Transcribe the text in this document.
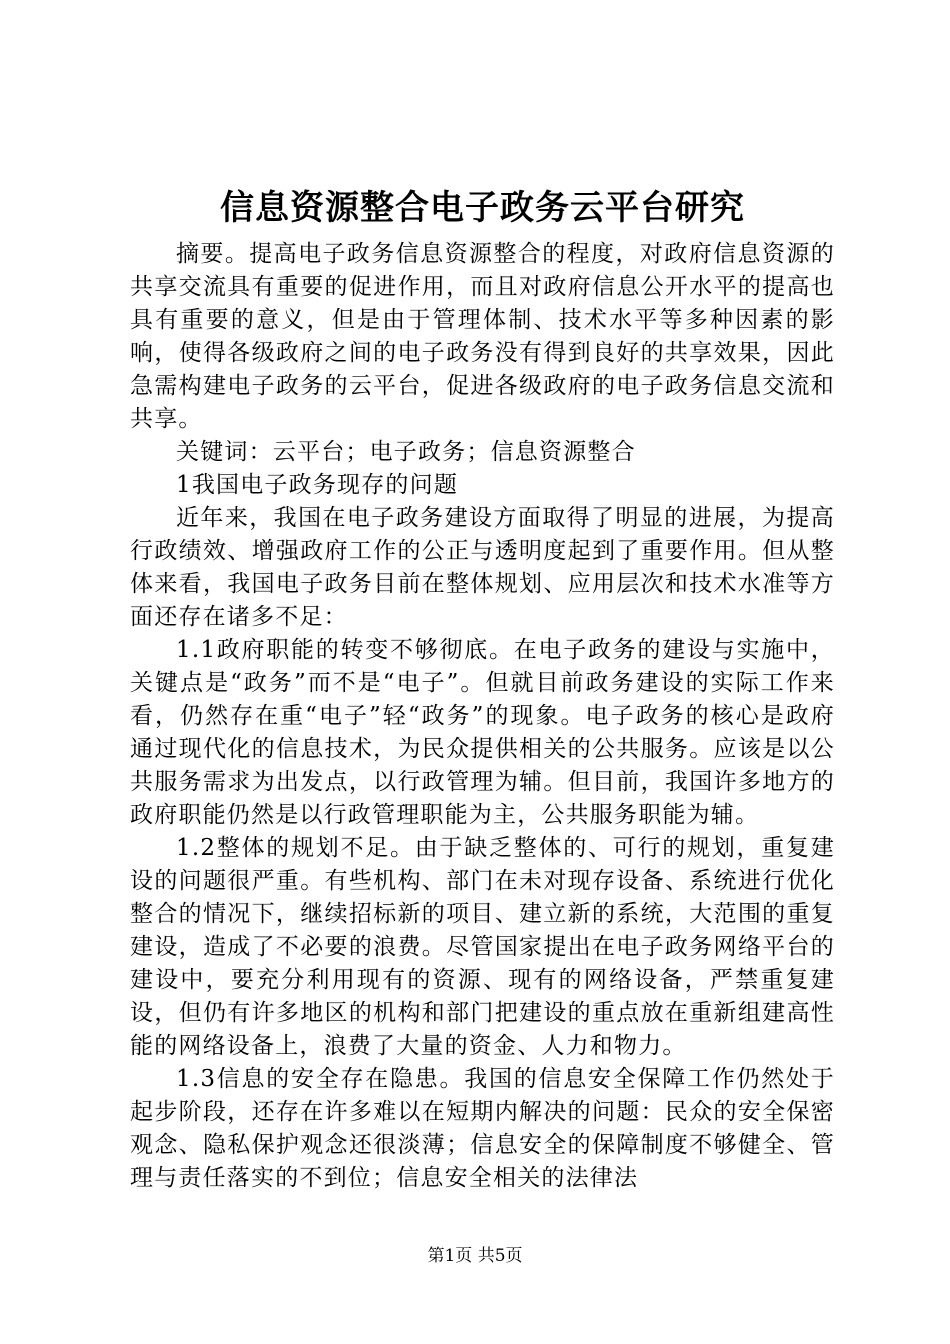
信息资源整合电子政务云平台研究

摘要。提高电子政务信息资源整合的程度，对政府信息资源的共享交流具有重要的促进作用，而且对政府信息公开水平的提高也具有重要的意义，但是由于管理体制、技术水平等多种因素的影响，使得各级政府之间的电子政务没有得到良好的共享效果，因此急需构建电子政务的云平台，促进各级政府的电子政务信息交流和共享。

关键词：云平台；电子政务；信息资源整合

1我国电子政务现存的问题

近年来，我国在电子政务建设方面取得了明显的进展，为提高行政绩效、增强政府工作的公正与透明度起到了重要作用。但从整体来看，我国电子政务目前在整体规划、应用层次和技术水准等方面还存在诸多不足：

1.1政府职能的转变不够彻底。在电子政务的建设与实施中，关键点是“政务”而不是“电子”。但就目前政务建设的实际工作来看，仍然存在重“电子”轻“政务”的现象。电子政务的核心是政府通过现代化的信息技术，为民众提供相关的公共服务。应该是以公共服务需求为出发点，以行政管理为辅。但目前，我国许多地方的政府职能仍然是以行政管理职能为主，公共服务职能为辅。

1.2整体的规划不足。由于缺乏整体的、可行的规划，重复建设的问题很严重。有些机构、部门在未对现存设备、系统进行优化整合的情况下，继续招标新的项目、建立新的系统，大范围的重复建设，造成了不必要的浪费。尽管国家提出在电子政务网络平台的建设中，要充分利用现有的资源、现有的网络设备，严禁重复建设，但仍有许多地区的机构和部门把建设的重点放在重新组建高性能的网络设备上，浪费了大量的资金、人力和物力。

1.3信息的安全存在隐患。我国的信息安全保障工作仍然处于起步阶段，还存在许多难以在短期内解决的问题：民众的安全保密观念、隐私保护观念还很淡薄；信息安全的保障制度不够健全、管理与责任落实的不到位；信息安全相关的法律法

第1页 共5页
